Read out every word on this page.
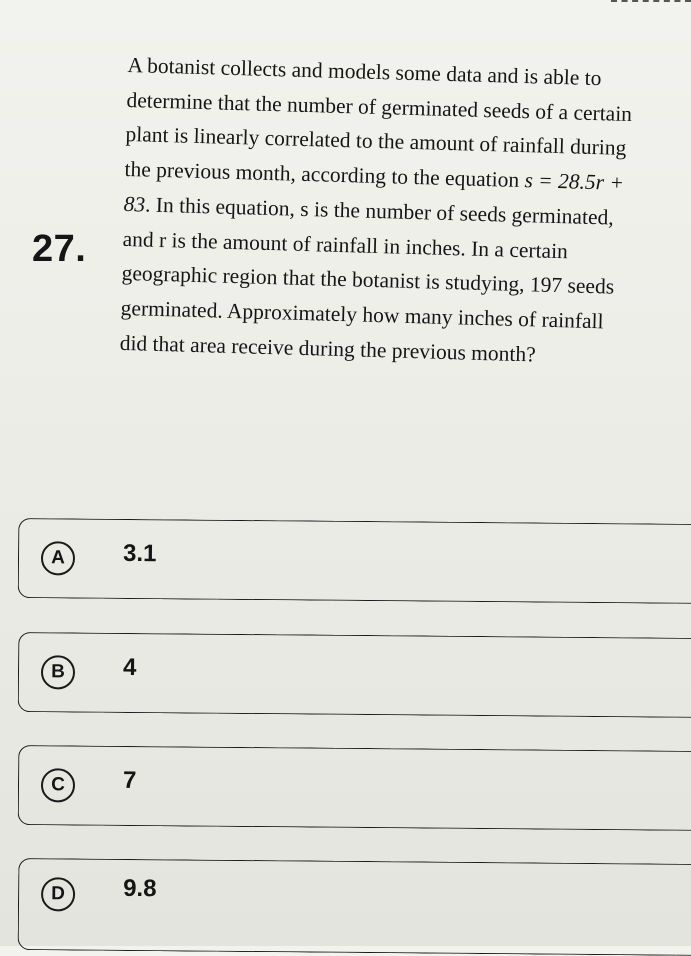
27.

A botanist collects and models some data and is able to determine that the number of germinated seeds of a certain plant is linearly correlated to the amount of rainfall during the previous month, according to the equation s = 28.5r + 83. In this equation, s is the number of seeds germinated, and r is the amount of rainfall in inches. In a certain geographic region that the botanist is studying, 197 seeds germinated. Approximately how many inches of rainfall did that area receive during the previous month?

A	3.1
B	4
C	7
D	9.8
